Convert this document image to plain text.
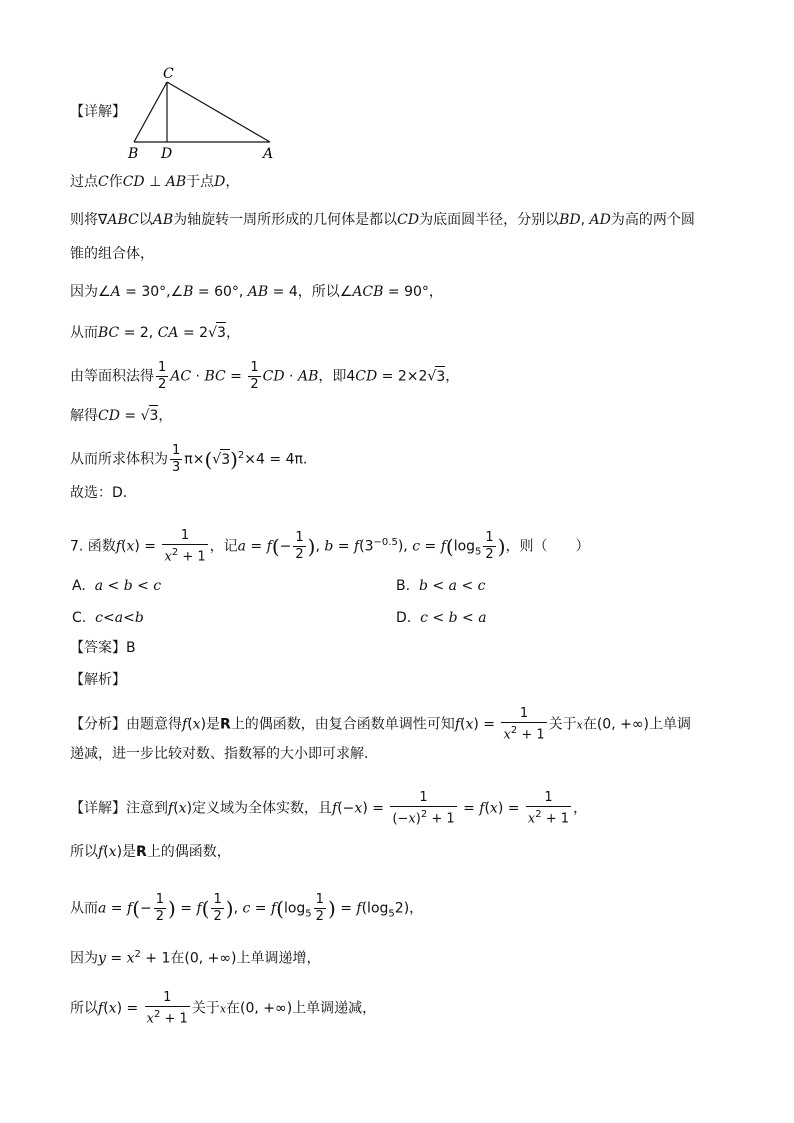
C
B D	A
【详解】
过点C作CD ⊥ AB于点D，
则将∇ABC以AB为轴旋转一周所形成的几何体是都以CD为底面圆半径，分别以BD, AD为高的两个圆
锥的组合体，
因为∠A = 30°,∠B = 60°, AB = 4，所以∠ACB = 90°，
从而BC = 2, CA = 2√3，
由等面积法得 $\frac{1}{2}$ AC · BC = $\frac{1}{2}$ CD · AB，即4CD = 2×2√3，
解得CD = √3，
从而所求体积为 $\frac{1}{3} \pi\times(√3)^2\times 4 = 4\pi$.
故选：D.
7. 函数$f(x) = \frac{1}{x^2 + 1}$ ，记$a = f(- \frac{1}{2}$ ), $b = f(3^{-0.5})$, $c = f(\log_5 \frac{1}{2}$ )，则（　　）
A. a < b < c	B. b < a < c
C. c<a<b	D. c < b < a
【答案】B
【解析】
【分析】由题意得f(x)是R上的偶函数，由复合函数单调性可知$f(x) = \frac{1}{x^2 + 1}$ 关于x在(0, +∞)上单调
递减，进一步比较对数、指数幂的大小即可求解.
【详解】注意到f(x)定义域为全体实数，且$f(-x) = \frac{1}{(-x)^2 + 1} = f(x) = \frac{1}{x^2 + 1}$ ，
所以f(x)是R上的偶函数，
从而$a = f(- \frac{1}{2}$ ) = $f( \frac{1}{2}$ ), $c = f(\log_5 \frac{1}{2}$ ) = $f(\log_52)$，
因为$y = x^2 + 1$在(0, +∞)上单调递增，
所以$f(x) = \frac{1}{x^2 + 1}$ 关于x在(0, +∞)上单调递减，
